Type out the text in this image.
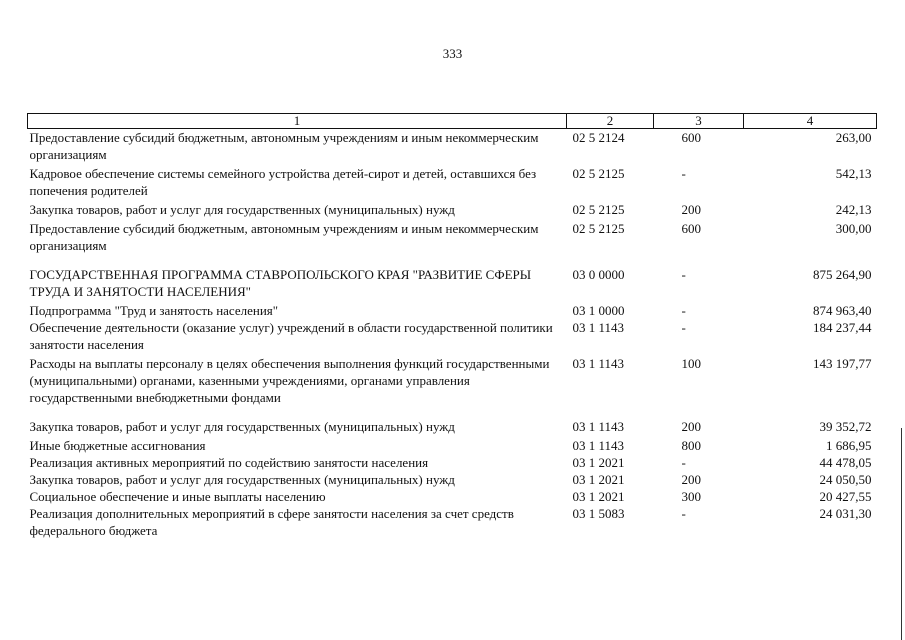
333
1	2	3	4
Предоставление субсидий бюджетным, автономным учреждениям и иным некоммерческим организациям	02 5 2124	600	263,00
Кадровое обеспечение системы семейного устройства детей-сирот и детей, оставшихся без попечения родителей	02 5 2125	-	542,13
Закупка товаров, работ и услуг для государственных (муниципальных) нужд	02 5 2125	200	242,13
Предоставление субсидий бюджетным, автономным учреждениям и иным некоммерческим организациям	02 5 2125	600	300,00
ГОСУДАРСТВЕННАЯ ПРОГРАММА СТАВРОПОЛЬСКОГО КРАЯ "РАЗВИТИЕ СФЕРЫ ТРУДА И ЗАНЯТОСТИ НАСЕЛЕНИЯ"	03 0 0000	-	875 264,90
Подпрограмма "Труд и занятость населения"	03 1 0000	-	874 963,40
Обеспечение деятельности (оказание услуг) учреждений в области государственной политики занятости населения	03 1 1143	-	184 237,44
Расходы на выплаты персоналу в целях обеспечения выполнения функций государственными (муниципальными) органами, казенными учреждениями, органами управления государственными внебюджетными фондами	03 1 1143	100	143 197,77
Закупка товаров, работ и услуг для государственных (муниципальных) нужд	03 1 1143	200	39 352,72
Иные бюджетные ассигнования	03 1 1143	800	1 686,95
Реализация активных мероприятий по содействию занятости населения	03 1 2021	-	44 478,05
Закупка товаров, работ и услуг для государственных (муниципальных) нужд	03 1 2021	200	24 050,50
Социальное обеспечение и иные выплаты населению	03 1 2021	300	20 427,55
Реализация дополнительных мероприятий в сфере занятости населения за счет средств федерального бюджета	03 1 5083	-	24 031,30
